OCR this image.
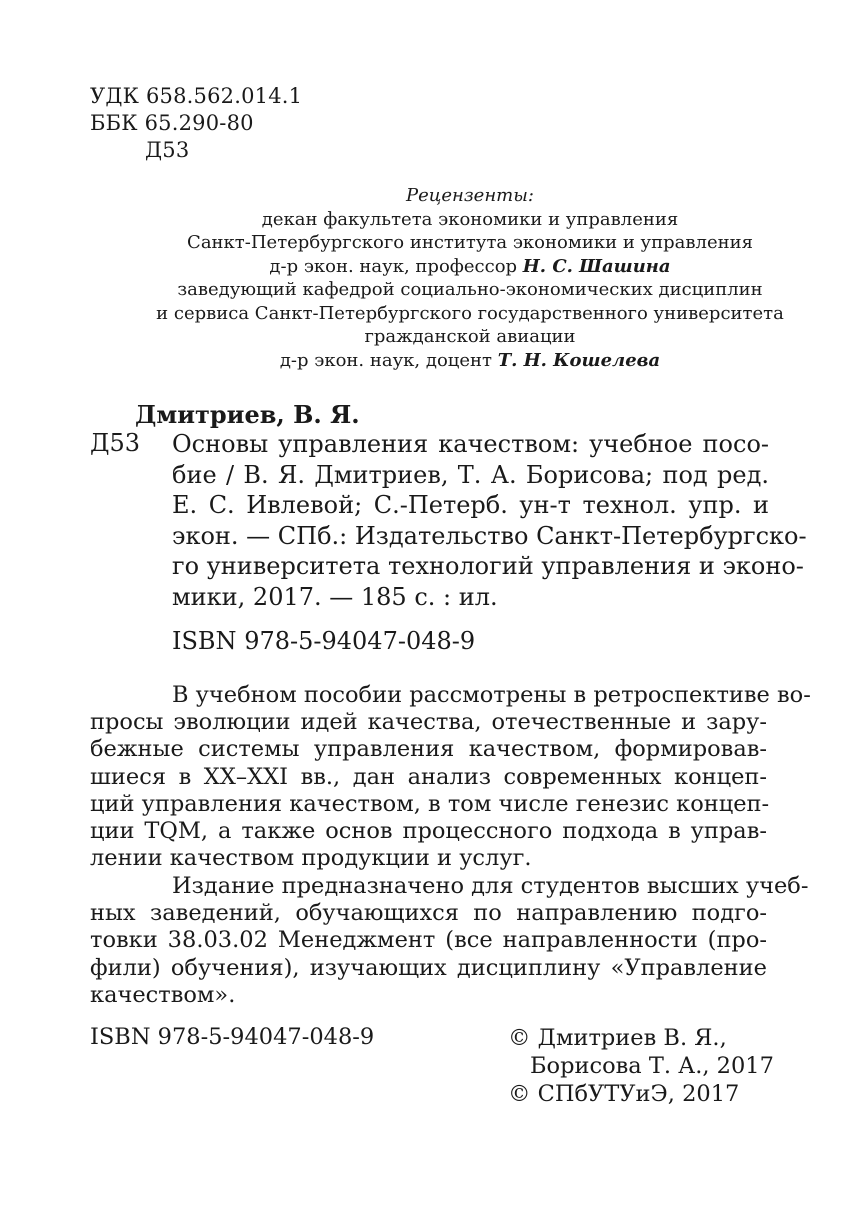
УДК 658.562.014.1
ББК 65.290-80
Д53
Рецензенты:
декан факультета экономики и управления
Санкт-Петербургского института экономики и управления
д-р экон. наук, профессор Н. С. Шашина
заведующий кафедрой социально-экономических дисциплин
и сервиса Санкт-Петербургского государственного университета
гражданской авиации
д-р экон. наук, доцент Т. Н. Кошелева
Дмитриев, В. Я.
Д53 Основы управления качеством: учебное посо-
бие / В. Я. Дмитриев, Т. А. Борисова; под ред.
Е. С. Ивлевой; С.-Петерб. ун-т технол. упр. и
экон. — СПб.: Издательство Санкт-Петербургско-
го университета технологий управления и эконо-
мики, 2017. — 185 с. : ил.
ISBN 978-5-94047-048-9
В учебном пособии рассмотрены в ретроспективе во-
просы эволюции идей качества, отечественные и зару-
бежные системы управления качеством, формировав-
шиеся в XX–XXI вв., дан анализ современных концеп-
ций управления качеством, в том числе генезис концеп-
ции TQM, а также основ процессного подхода в управ-
лении качеством продукции и услуг.
Издание предназначено для студентов высших учеб-
ных заведений, обучающихся по направлению подго-
товки 38.03.02 Менеджмент (все направленности (про-
фили) обучения), изучающих дисциплину «Управление
качеством».
ISBN 978-5-94047-048-9	© Дмитриев В. Я.,
Борисова Т. А., 2017
© СПбУТУиЭ, 2017
